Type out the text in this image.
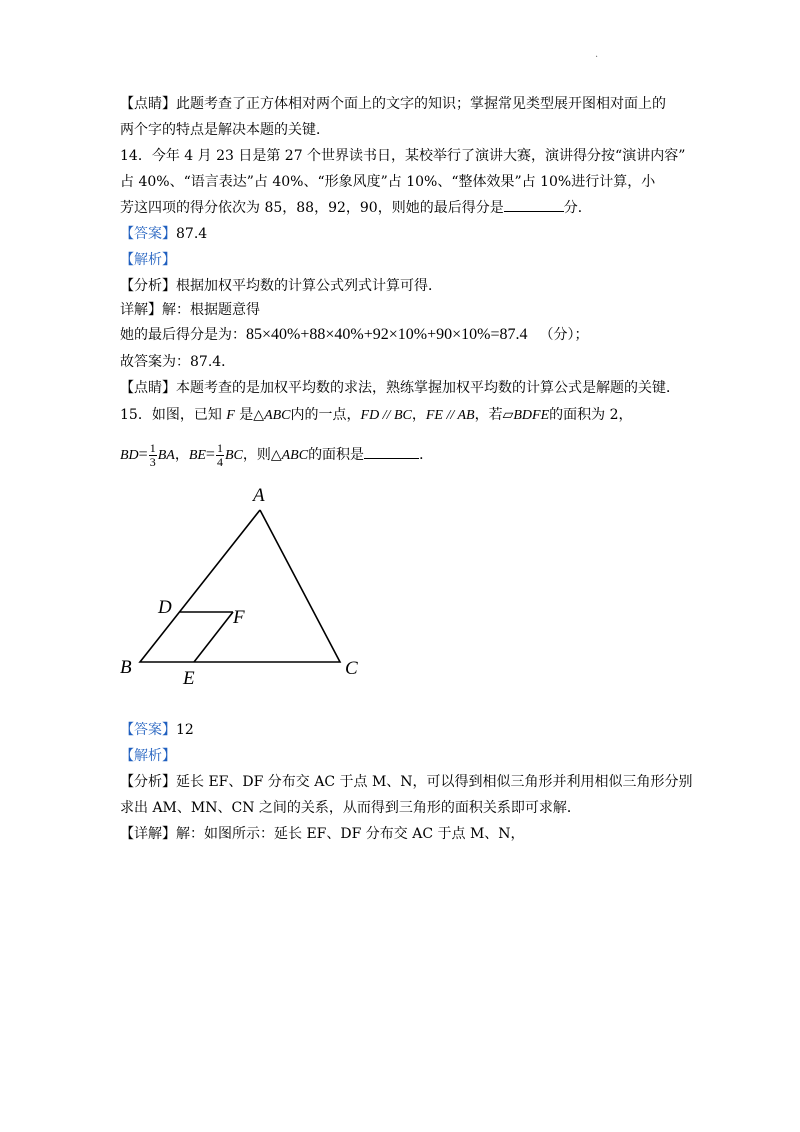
·
【点睛】此题考查了正方体相对两个面上的文字的知识；掌握常见类型展开图相对面上的
两个字的特点是解决本题的关键．
14．今年 4 月 23 日是第 27 个世界读书日，某校举行了演讲大赛，演讲得分按“演讲内容”
占 40%、“语言表达”占 40%、“形象风度”占 10%、“整体效果”占 10%进行计算，小
芳这四项的得分依次为 85，88，92，90，则她的最后得分是	分．
【答案】87.4
【解析】
【分析】根据加权平均数的计算公式列式计算可得．
详解】解：根据题意得
她的最后得分是为：85×40%+88×40%+92×10%+90×10%=87.4 （分）；
故答案为：87.4．
【点睛】本题考查的是加权平均数的求法，熟练掌握加权平均数的计算公式是解题的关键．
15．如图，已知 F 是△ABC内的一点，FD // BC，FE // AB，若▱BDFE的面积为 2，
$BD= \frac{1}{3}$ BA，$BE= \frac{1}{4}$ BC，则△ABC的面积是	．
A
B	C
D
E
F
【答案】12
【解析】
【分析】延长 EF、DF 分布交 AC 于点 M、N，可以得到相似三角形并利用相似三角形分别
求出 AM、MN、CN 之间的关系，从而得到三角形的面积关系即可求解．
【详解】解：如图所示：延长 EF、DF 分布交 AC 于点 M、N，
